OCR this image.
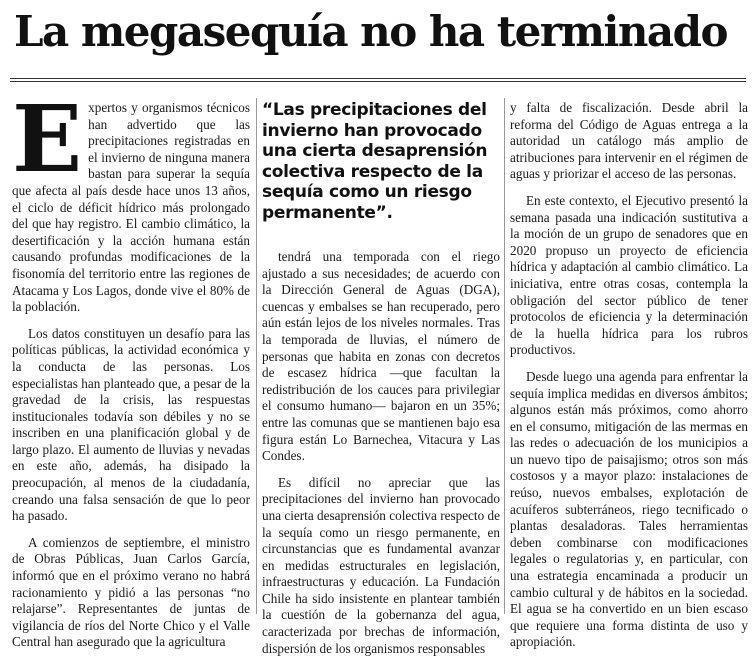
La megasequía no ha terminado

Expertos y organismos técnicos han advertido que las precipitaciones registradas en el invierno de ninguna manera bastan para superar la sequía que afecta al país desde hace unos 13 años, el ciclo de déficit hídrico más prolongado del que hay registro. El cambio climático, la desertificación y la acción humana están causando profundas modificaciones de la fisonomía del territorio entre las regiones de Atacama y Los Lagos, donde vive el 80% de la población.

Los datos constituyen un desafío para las políticas públicas, la actividad económica y la conducta de las personas. Los especialistas han planteado que, a pesar de la gravedad de la crisis, las respuestas institucionales todavía son débiles y no se inscriben en una planificación global y de largo plazo. El aumento de lluvias y nevadas en este año, además, ha disipado la preocupación, al menos de la ciudadanía, creando una falsa sensación de que lo peor ha pasado.

A comienzos de septiembre, el ministro de Obras Públicas, Juan Carlos García, informó que en el próximo verano no habrá racionamiento y pidió a las personas “no relajarse”. Representantes de juntas de vigilancia de ríos del Norte Chico y el Valle Central han asegurado que la agricultura

“Las precipitaciones del invierno han provocado una cierta desaprensión colectiva respecto de la sequía como un riesgo permanente”.

tendrá una temporada con el riego ajustado a sus necesidades; de acuerdo con la Dirección General de Aguas (DGA), cuencas y embalses se han recuperado, pero aún están lejos de los niveles normales. Tras la temporada de lluvias, el número de personas que habita en zonas con decretos de escasez hídrica —que facultan la redistribución de los cauces para privilegiar el consumo humano— bajaron en un 35%; entre las comunas que se mantienen bajo esa figura están Lo Barnechea, Vitacura y Las Condes.

Es difícil no apreciar que las precipitaciones del invierno han provocado una cierta desaprensión colectiva respecto de la sequía como un riesgo permanente, en circunstancias que es fundamental avanzar en medidas estructurales en legislación, infraestructuras y educación. La Fundación Chile ha sido insistente en plantear también la cuestión de la gobernanza del agua, caracterizada por brechas de información, dispersión de los organismos responsables

y falta de fiscalización. Desde abril la reforma del Código de Aguas entrega a la autoridad un catálogo más amplio de atribuciones para intervenir en el régimen de aguas y priorizar el acceso de las personas.

En este contexto, el Ejecutivo presentó la semana pasada una indicación sustitutiva a la moción de un grupo de senadores que en 2020 propuso un proyecto de eficiencia hídrica y adaptación al cambio climático. La iniciativa, entre otras cosas, contempla la obligación del sector público de tener protocolos de eficiencia y la determinación de la huella hídrica para los rubros productivos.

Desde luego una agenda para enfrentar la sequía implica medidas en diversos ámbitos; algunos están más próximos, como ahorro en el consumo, mitigación de las mermas en las redes o adecuación de los municipios a un nuevo tipo de paisajismo; otros son más costosos y a mayor plazo: instalaciones de reúso, nuevos embalses, explotación de acuíferos subterráneos, riego tecnificado o plantas desaladoras. Tales herramientas deben combinarse con modificaciones legales o regulatorias y, en particular, con una estrategia encaminada a producir un cambio cultural y de hábitos en la sociedad. El agua se ha convertido en un bien escaso que requiere una forma distinta de uso y apropiación.
